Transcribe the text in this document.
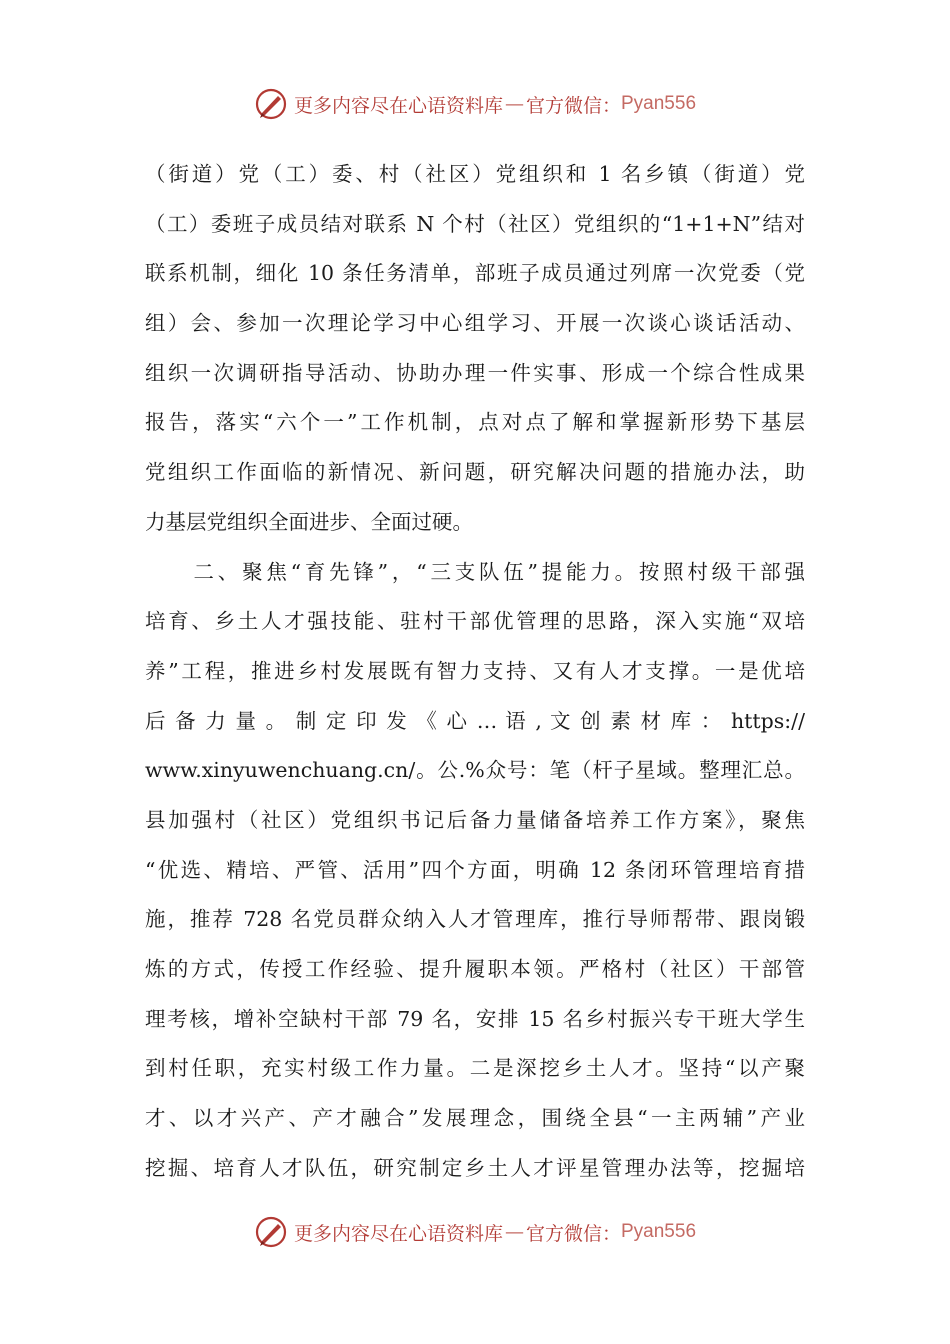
更多内容尽在心语资料库 — 官方微信： Pyan556
（街道）党（工）委、村（社区）党组织和 1 名乡镇（街道）党
（工）委班子成员结对联系 N 个村（社区）党组织的“1+1+N”结对
联系机制，细化 10 条任务清单，部班子成员通过列席一次党委（党
组）会、参加一次理论学习中心组学习、开展一次谈心谈话活动、
组织一次调研指导活动、协助办理一件实事、形成一个综合性成果
报告，落实“六个一”工作机制，点对点了解和掌握新形势下基层
党组织工作面临的新情况、新问题，研究解决问题的措施办法，助
力基层党组织全面进步、全面过硬。
　　二、聚焦“育先锋”，“三支队伍”提能力。按照村级干部强
培育、乡土人才强技能、驻村干部优管理的思路，深入实施“双培
养”工程，推进乡村发展既有智力支持、又有人才支撑。一是优培
后 备 力 量 。 制 定 印 发 《 心 … 语 , 文 创 素 材 库 ： https://
www.xinyuwenchuang.cn/。公.%众号：笔（杆子星域。整理汇总。
县加强村（社区）党组织书记后备力量储备培养工作方案》，聚焦
“优选、精培、严管、活用”四个方面，明确 12 条闭环管理培育措
施，推荐 728 名党员群众纳入人才管理库，推行导师帮带、跟岗锻
炼的方式，传授工作经验、提升履职本领。严格村（社区）干部管
理考核，增补空缺村干部 79 名，安排 15 名乡村振兴专干班大学生
到村任职，充实村级工作力量。二是深挖乡土人才。坚持“以产聚
才、以才兴产、产才融合”发展理念，围绕全县“一主两辅”产业
挖掘、培育人才队伍，研究制定乡土人才评星管理办法等，挖掘培
更多内容尽在心语资料库 — 官方微信： Pyan556
